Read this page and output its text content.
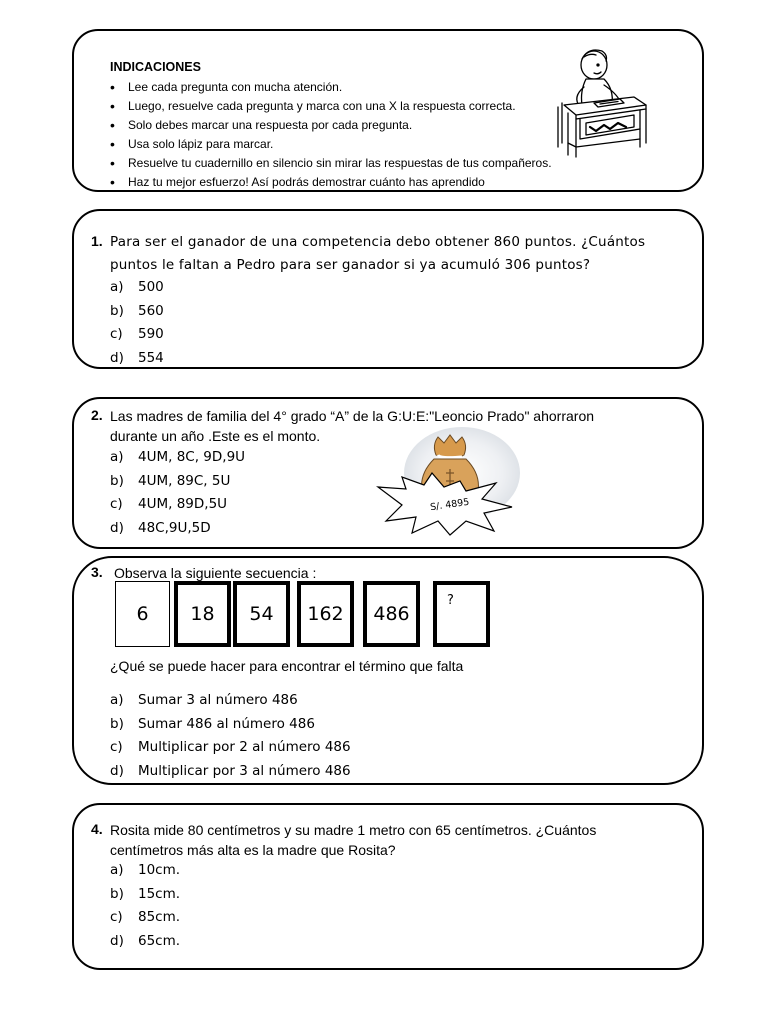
INDICACIONES
• Lee cada pregunta con mucha atención.
• Luego, resuelve cada pregunta y marca con una X la respuesta correcta.
• Solo debes marcar una respuesta por cada pregunta.
• Usa solo lápiz para marcar.
• Resuelve tu cuadernillo en silencio sin mirar las respuestas de tus compañeros.
• Haz tu mejor esfuerzo! Así podrás demostrar cuánto has aprendido
1. Para ser el ganador de una competencia debo obtener 860 puntos. ¿Cuántos
puntos le faltan a Pedro para ser ganador si ya acumuló 306 puntos?
a) 500
b) 560
c) 590
d) 554
2. Las madres de familia del 4° grado “A” de la G:U:E:"Leoncio Prado" ahorraron
durante un año .Este es el monto.
a) 4UM, 8C, 9D,9U
b) 4UM, 89C, 5U
c) 4UM, 89D,5U
d) 48C,9U,5D
S/. 4895
3. Observa la siguiente secuencia :
6	18	54	162	486
?
¿Qué se puede hacer para encontrar el término que falta
a) Sumar 3 al número 486
b) Sumar 486 al número 486
c) Multiplicar por 2 al número 486
d) Multiplicar por 3 al número 486
4. Rosita mide 80 centímetros y su madre 1 metro con 65 centímetros. ¿Cuántos
centímetros más alta es la madre que Rosita?
a) 10cm.
b) 15cm.
c) 85cm.
d) 65cm.
